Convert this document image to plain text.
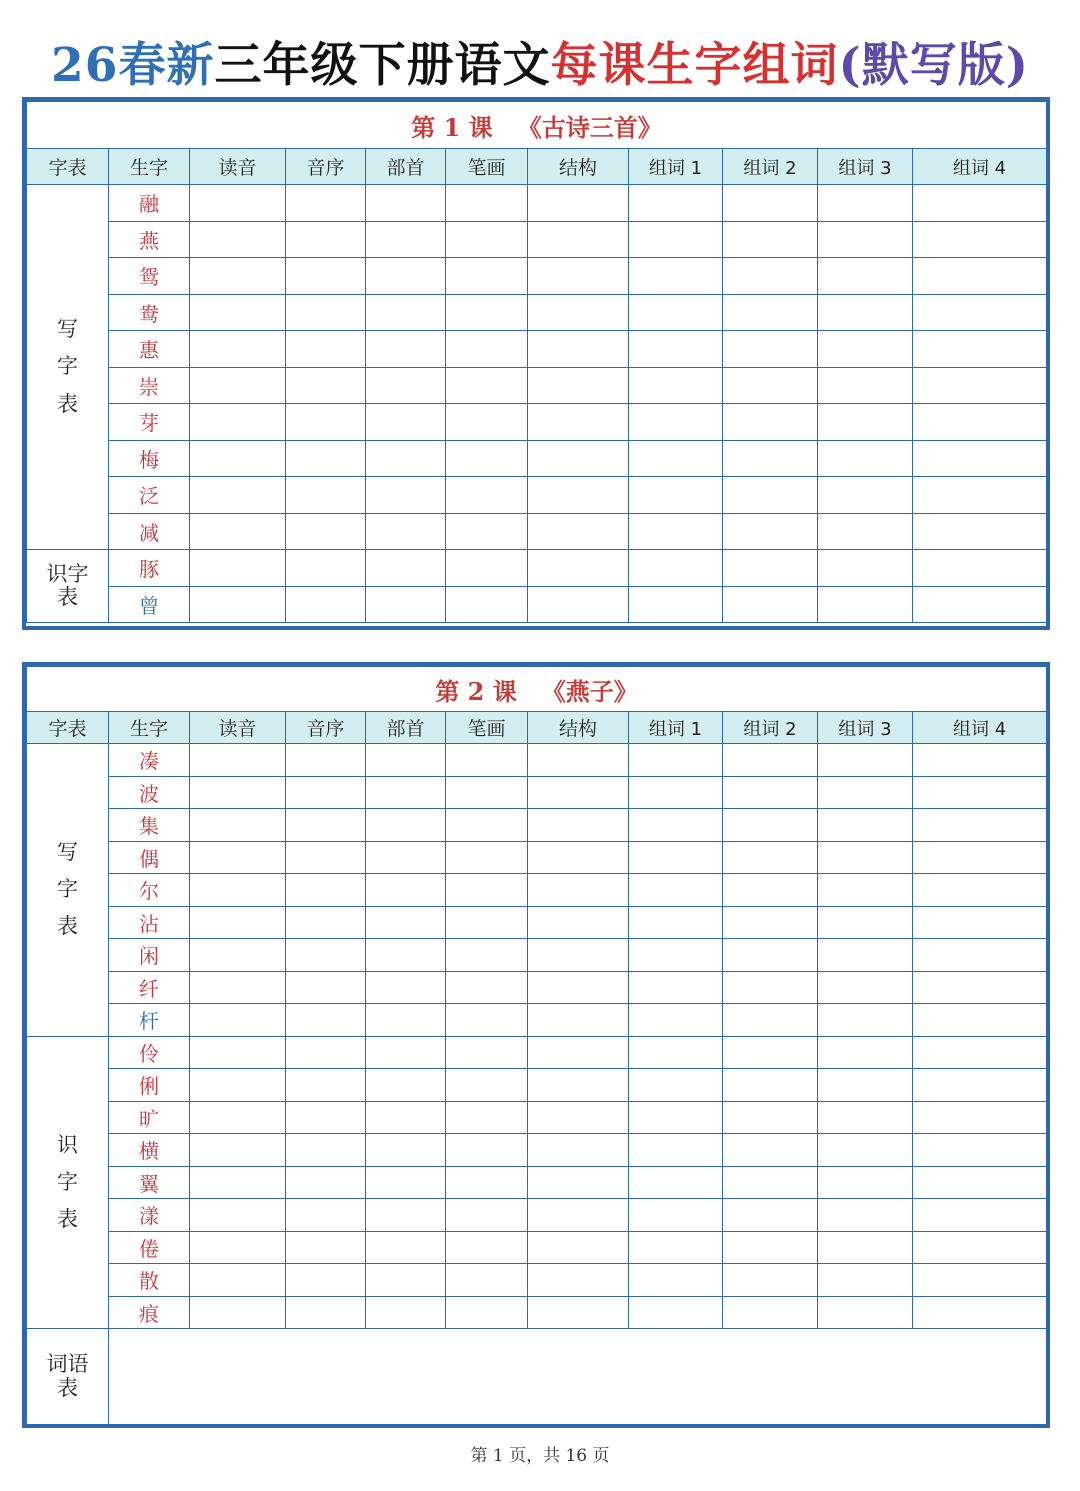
26春新三年级下册语文每课生字组词(默写版)
第 1 课   《古诗三首》										
字表	生字	读音	音序	部首	笔画	结构	组词 1	组词 2	组词 3	组词 4

写
字
表	融									
	燕									
	鸳									
	鸯									
	惠									
	崇									
	芽									
	梅									
	泛									
	减									

识字
表	豚									
	曾									
第 2 课   《燕子》										
字表	生字	读音	音序	部首	笔画	结构	组词 1	组词 2	组词 3	组词 4

写
字
表	凑									
	波									
	集									
	偶									
	尔									
	沾									
	闲									
	纤									
	杆									

识
字
表	伶									
	俐									
	旷									
	横									
	翼									
	漾									
	倦									
	散									
	痕									

词语
表										

第 1 页，共 16 页
